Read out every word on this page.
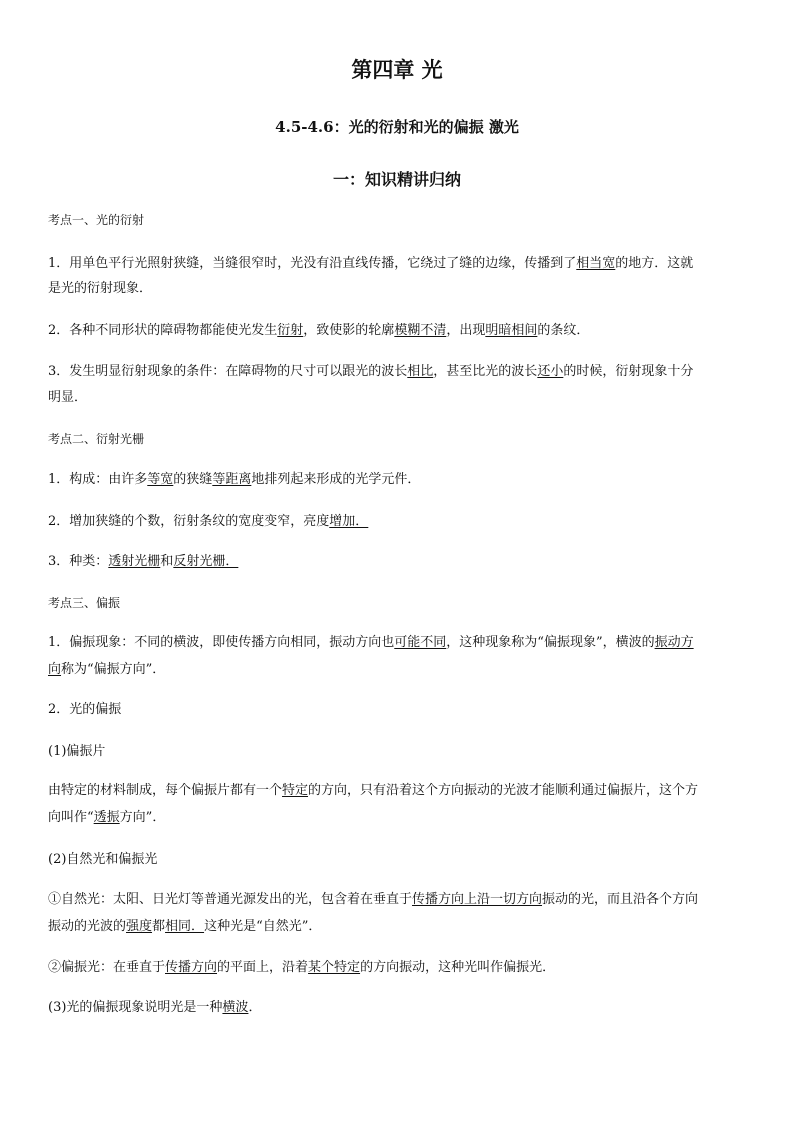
第四章 光
4.5-4.6：光的衍射和光的偏振 激光
一：知识精讲归纳
考点一、光的衍射
1．用单色平行光照射狭缝，当缝很窄时，光没有沿直线传播，它绕过了缝的边缘，传播到了相当宽的地方．这就
是光的衍射现象．
2．各种不同形状的障碍物都能使光发生衍射，致使影的轮廓模糊不清，出现明暗相间的条纹．
3．发生明显衍射现象的条件：在障碍物的尺寸可以跟光的波长相比，甚至比光的波长还小的时候，衍射现象十分
明显．
考点二、衍射光栅
1．构成：由许多等宽的狭缝等距离地排列起来形成的光学元件．
2．增加狭缝的个数，衍射条纹的宽度变窄，亮度增加．
3．种类：透射光栅和反射光栅．
考点三、偏振
1．偏振现象：不同的横波，即使传播方向相同，振动方向也可能不同，这种现象称为“偏振现象”，横波的振动方
向称为“偏振方向”．
2．光的偏振
(1)偏振片
由特定的材料制成，每个偏振片都有一个特定的方向，只有沿着这个方向振动的光波才能顺利通过偏振片，这个方
向叫作“透振方向”．
(2)自然光和偏振光
①自然光：太阳、日光灯等普通光源发出的光，包含着在垂直于传播方向上沿一切方向振动的光，而且沿各个方向
振动的光波的强度都相同．这种光是“自然光”．
②偏振光：在垂直于传播方向的平面上，沿着某个特定的方向振动，这种光叫作偏振光．
(3)光的偏振现象说明光是一种横波．
